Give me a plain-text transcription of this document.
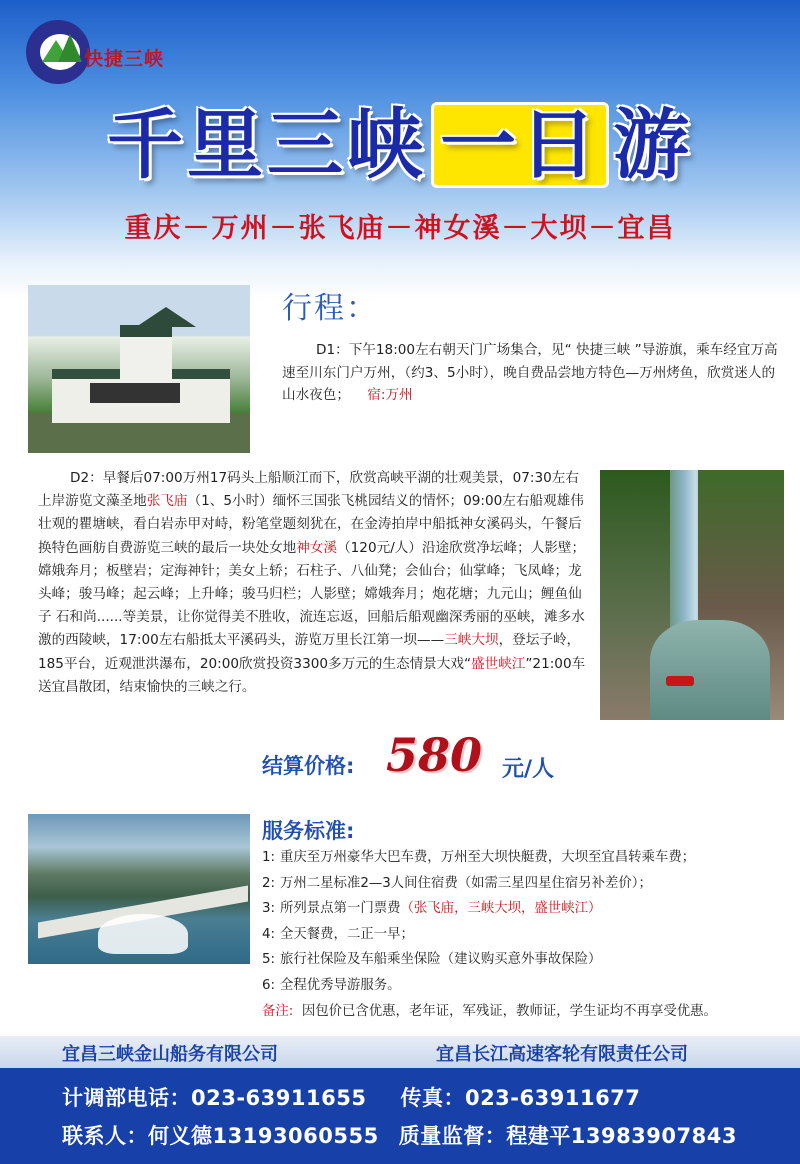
快捷三峡
千里三峡 一日 游
重庆－万州－张飞庙－神女溪－大坝－宜昌
行程：

D1：下午18:00左右朝天门广场集合，见“ 快捷三峡 ”导游旗，乘车经宜万高速至川东门户万州，（约3、5小时），晚自费品尝地方特色—万州烤鱼，欣赏迷人的山水夜色； 宿:万州

D2：早餐后07:00万州17码头上船顺江而下，欣赏高峡平湖的壮观美景，07:30左右上岸游览文藻圣地张飞庙（1、5小时）缅怀三国张飞桃园结义的情怀；09:00左右船观雄伟壮观的瞿塘峡，看白岩赤甲对峙，粉笔堂题刻犹在，在金涛拍岸中船抵神女溪码头，午餐后换特色画舫自费游览三峡的最后一块处女地神女溪（120元/人）沿途欣赏净坛峰；人影壁；嫦娥奔月；板壁岩；定海神针；美女上轿；石柱子、八仙凳；会仙台；仙掌峰；飞凤峰；龙头峰；骏马峰；起云峰；上升峰；骏马归栏；人影壁；嫦娥奔月；炮花塘；九元山；鲤鱼仙子 石和尚......等美景，让你觉得美不胜收，流连忘返，回船后船观幽深秀丽的巫峡，滩多水激的西陵峡，17:00左右船抵太平溪码头，游览万里长江第一坝——三峡大坝，登坛子岭，185平台，近观泄洪瀑布，20:00欣赏投资3300多万元的生态情景大戏“盛世峡江”21:00车送宜昌散团，结束愉快的三峡之行。

结算价格: 580 元/人
服务标准:
1: 重庆至万州豪华大巴车费，万州至大坝快艇费，大坝至宜昌转乘车费；
2: 万州二星标准2—3人间住宿费（如需三星四星住宿另补差价）；
3: 所列景点第一门票费（张飞庙，三峡大坝，盛世峡江）
4: 全天餐费，二正一早；
5: 旅行社保险及车船乘坐保险（建议购买意外事故保险）
6: 全程优秀导游服务。
备注: 因包价已含优惠，老年证，军残证，教师证，学生证均不再享受优惠。
宜昌三峡金山船务有限公司	宜昌长江高速客轮有限责任公司
计调部电话：023-63911655 传真：023-63911677
联系人：何义德13193060555 质量监督：程建平13983907843
